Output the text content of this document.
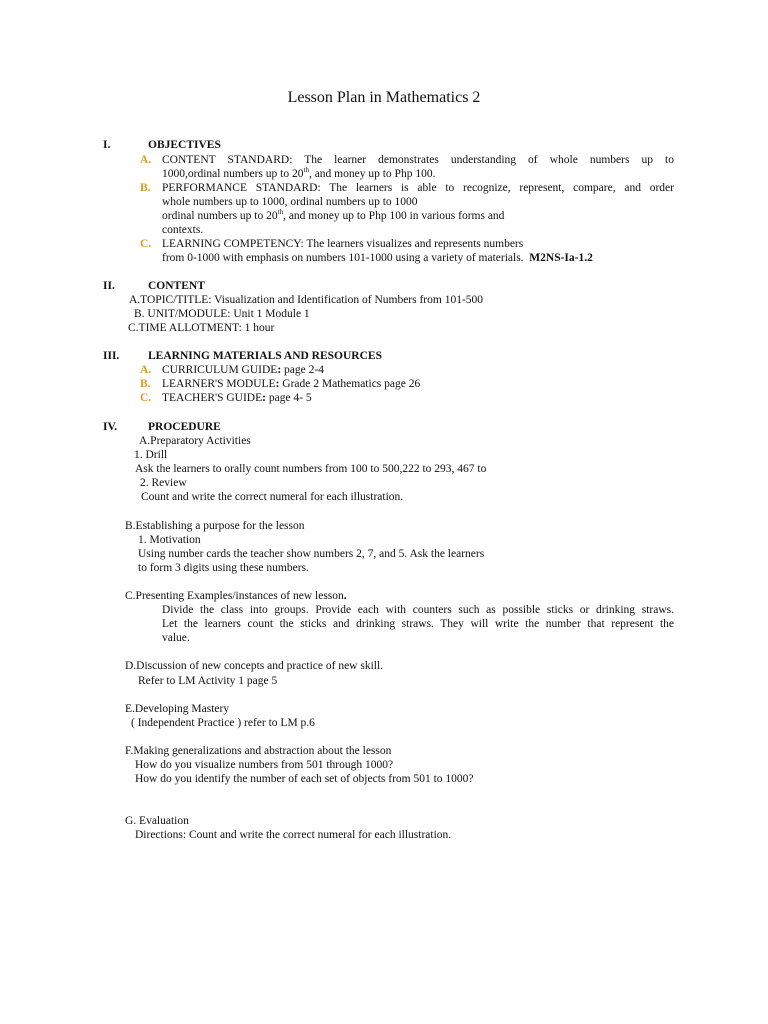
Lesson Plan in Mathematics 2
I.	OBJECTIVES
A. CONTENT STANDARD: The learner demonstrates understanding of whole numbers up to
1000,ordinal numbers up to 20th, and money up to Php 100.
B. PERFORMANCE STANDARD: The learners is able to recognize, represent, compare, and order
whole numbers up to 1000, ordinal numbers up to 1000
ordinal numbers up to 20th, and money up to Php 100 in various forms and
contexts.
C. LEARNING COMPETENCY: The learners visualizes and represents numbers
from 0-1000 with emphasis on numbers 101-1000 using a variety of materials. M2NS-Ia-1.2
II.	CONTENT
A.TOPIC/TITLE: Visualization and Identification of Numbers from 101-500
B. UNIT/MODULE: Unit 1 Module 1
C.TIME ALLOTMENT: 1 hour
III. LEARNING MATERIALS AND RESOURCES
A. CURRICULUM GUIDE: page 2-4
B. LEARNER'S MODULE: Grade 2 Mathematics page 26
C. TEACHER'S GUIDE: page 4- 5
IV.	PROCEDURE
A.Preparatory Activities
1. Drill
Ask the learners to orally count numbers from 100 to 500,222 to 293, 467 to
2. Review
Count and write the correct numeral for each illustration.
B.Establishing a purpose for the lesson
1. Motivation
Using number cards the teacher show numbers 2, 7, and 5. Ask the learners
to form 3 digits using these numbers.
C.Presenting Examples/instances of new lesson.
Divide the class into groups. Provide each with counters such as possible sticks or drinking straws.
Let the learners count the sticks and drinking straws. They will write the number that represent the
value.
D.Discussion of new concepts and practice of new skill.
Refer to LM Activity 1 page 5
E.Developing Mastery
( Independent Practice ) refer to LM p.6
F.Making generalizations and abstraction about the lesson
How do you visualize numbers from 501 through 1000?
How do you identify the number of each set of objects from 501 to 1000?
G. Evaluation
Directions: Count and write the correct numeral for each illustration.
